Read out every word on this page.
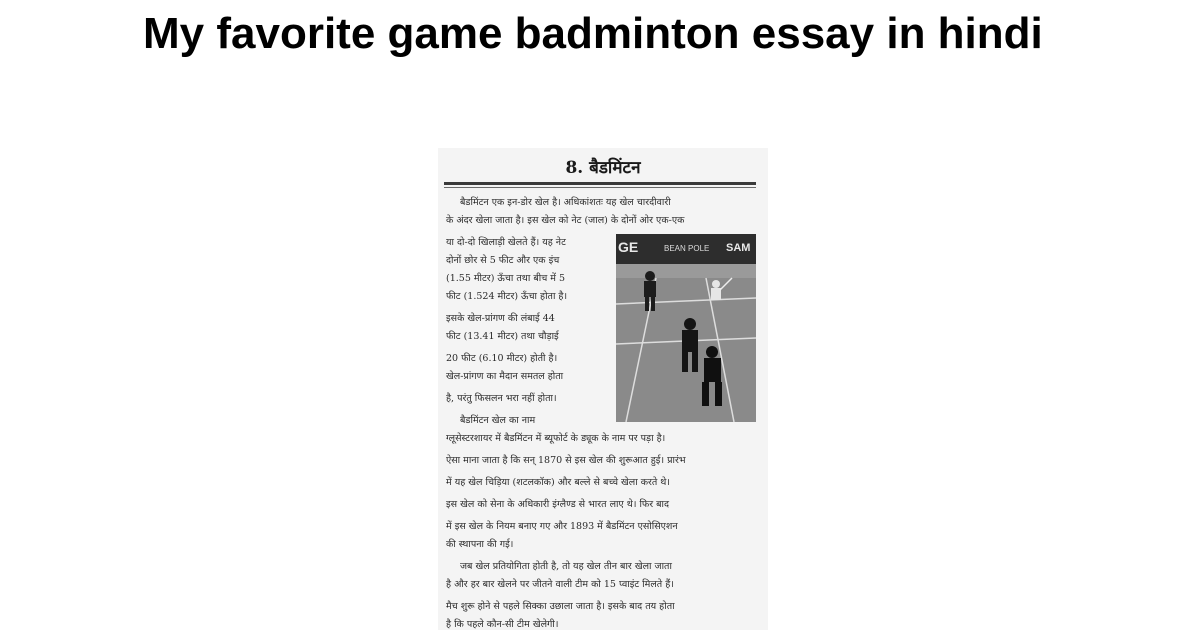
My favorite game badminton essay in hindi
8. बैडमिंटन
GE	BEAN POLE SAM
बैडमिंटन एक इन-डोर खेल है। अधिकांशतः यह खेल चारदीवारी
के अंदर खेला जाता है। इस खेल को नेट (जाल) के दोनों ओर एक-एक
या दो-दो खिलाड़ी खेलते हैं। यह नेट
दोनों छोर से 5 फीट और एक इंच
(1.55 मीटर) ऊँचा तथा बीच में 5
फीट (1.524 मीटर) ऊँचा होता है।
इसके खेल-प्रांगण की लंबाई 44
फीट (13.41 मीटर) तथा चौड़ाई
20 फीट (6.10 मीटर) होती है।
खेल-प्रांगण का मैदान समतल होता
है, परंतु फिसलन भरा नहीं होता।
बैडमिंटन खेल का नाम
ग्लूसेस्टरशायर में बैडमिंटन में ब्यूफोर्ट के ड्यूक के नाम पर पड़ा है।
ऐसा माना जाता है कि सन् 1870 से इस खेल की शुरूआत हुई। प्रारंभ
में यह खेल चिड़िया (शटलकॉक) और बल्ले से बच्चे खेला करते थे।
इस खेल को सेना के अधिकारी इंग्लैण्ड से भारत लाए थे। फिर बाद
में इस खेल के नियम बनाए गए और 1893 में बैडमिंटन एसोसिएशन
की स्थापना की गई।
जब खेल प्रतियोगिता होती है, तो यह खेल तीन बार खेला जाता
है और हर बार खेलने पर जीतने वाली टीम को 15 प्वाइंट मिलते हैं।
मैच शुरू होने से पहले सिक्का उछाला जाता है। इसके बाद तय होता
है कि पहले कौन-सी टीम खेलेगी।
